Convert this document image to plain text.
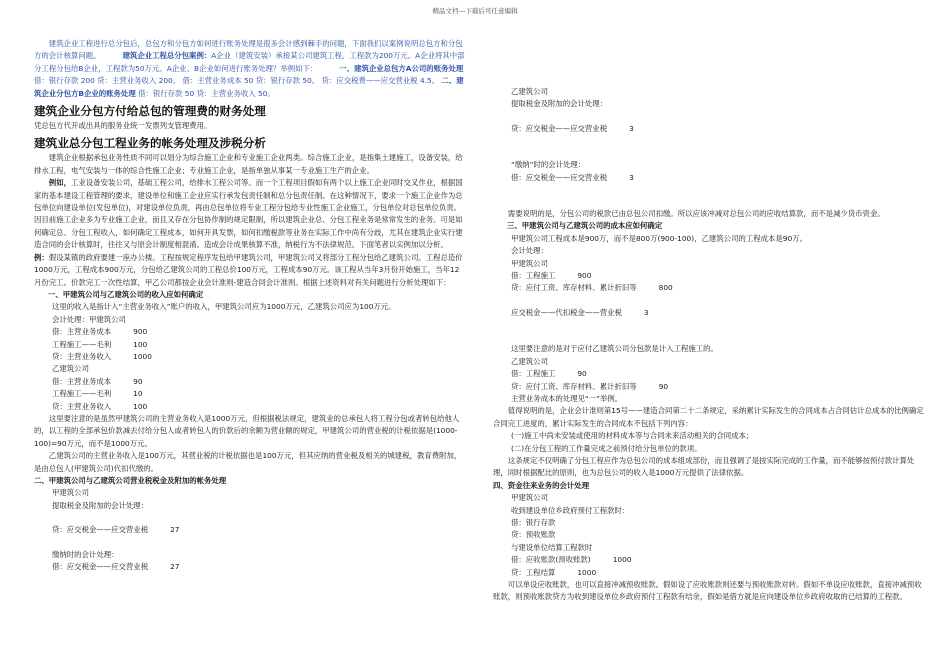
精品文档---下载后可任意编辑

建筑企业工程进行总分包后，总包方和分包方如何进行账务处理是很多会计感到棘手的问题，下面我们以案例说明总包方和分包方的会计核算问题。	建筑企业工程总分包案例：A企业（建筑安装）承接某公司建筑工程，工程款为200万元。A企业将其中部分工程分包给B企业，工程款为50万元。A企业、B企业如何进行账务处理？举例如下：	一、建筑企业总包方A公司的账务处理 借：银行存款 200 贷：主营业务收入 200。 借：主营业务成本 50 贷：银行存款 50。 贷：应交税费——应交营业税 4.5。 二、建筑企业分包方B企业的账务处理 借：银行存款 50 贷：主营业务收入 50。

建筑企业分包方付给总包的管理费的财务处理

凭总包方代开或出具的服务业统一发票列支管理费用。

建筑业总分包工程业务的帐务处理及涉税分析

建筑企业根据承包业务性质不同可以划分为综合施工企业和专业施工企业两类。综合施工企业，是指集土建施工，设备安装，给排水工程，电气安装与一体的综合性施工企业；专业施工企业，是指单独从事某一专业施工生产的企业。

例如，工业设备安装公司，基础工程公司，给排水工程公司等。而一个工程项目假如有两个以上施工企业同时交叉作业，根据国家的基本建设工程管理的要求，建设单位和施工企业应实行承发包责任制和总分包责任制。在这种情况下，要求一个施工企业作为总包单位向建设单位(发包单位)，对建设单位负责，再由总包单位将专业工程分包给专业性施工企业施工，分包单位对总包单位负责。因目前施工企业多为专业施工企业，而且又存在分包协作制的规定限制，所以建筑企业总、分包工程业务是常常发生的业务。可是如何确定总、分包工程收入，如何确定工程成本，如何开具发票，如何扣缴税款等业务在实际工作中尚有分歧，尤其在建筑企业实行建造合同的会计核算时，往往又与原会计制度相混淆。造成会计成果核算不准，纳税行为不法律规范。下面笔者以实例加以分析。

例：假设某镇的政府要建一座办公楼。工程按规定程序发包给甲建筑公司，甲建筑公司又将部分工程分包给乙建筑公司。工程总造价1000万元，工程成本900万元，分包给乙建筑公司的工程总价100万元，工程成本90万元。该工程从当年3月份开始施工，当年12月份完工。价款完工一次性结算，甲乙公司都按企业会计准则-建造合同会计准则。根据上述资料对有关问题进行分析处理如下：

一、甲建筑公司与乙建筑公司的收入应如何确定

这里的收入是指计入“主营业务收入”账户的收入，甲建筑公司应为1000万元，乙建筑公司应为100万元。

会计处理：甲建筑公司

借：主营业务成本	900

工程施工——毛利	100

贷：主营业务收入	1000

乙建筑公司

借：主营业务成本	90

工程施工——毛利	10

贷：主营业务收入	100

这里要注意的是虽然甲建筑公司的主营业务收入是1000万元，但根据税法规定，建筑业的总承包人将工程分包或者转包给他人的，以工程的全部承包价款减去付给分包人或者转包人的价款后的余额为营业额的规定，甲建筑公司的营业税的计税依据是(1000-100)=90万元，而不是1000万元。

乙建筑公司的主营业务收入是100万元，其营业税的计税依据也是100万元，但其应纳的营业税及相关的城建税，教育费附加，是由总包人(甲建筑公司)代扣代缴的。

二、甲建筑公司与乙建筑公司营业税税金及附加的帐务处理

甲建筑公司

提取税金及附加的会计处理：

贷：应交税金——应交营业税	27

缴纳时的会计处理：

借：应交税金——应交营业税	27

乙建筑公司

提取税金及附加的会计处理：

贷：应交税金——应交营业税	3

“缴纳”时的会计处理：

借：应交税金——应交营业税	3

需要说明的是，分包公司的税款已由总包公司扣缴。所以应该冲减对总包公司的应收结算款，而不是减少货币资金。

三、甲建筑公司与乙建筑公司的成本应如何确定

甲建筑公司工程成本是900万，而不是800万(900-100)，乙建筑公司的工程成本是90万。

会计处理：

甲建筑公司

借：工程施工	900

贷：应付工资、库存材料、累计折旧等	800

应交税金——代扣税金——营业税	3

这里要注意的是对于应付乙建筑公司分包款是计入工程施工的。

乙建筑公司

借：工程施工	90

贷：应付工资、库存材料、累计折旧等	90

主营业务成本的处理见“一”举例。

值得说明的是，企业会计准则第15号——建造合同第二十二条规定，采纳累计实际发生的合同成本占合同估计总成本的比例确定合同完工进度的，累计实际发生的合同成本不包括下列内容：

(一)施工中尚未安装或使用的材料成本等与合同未来活动相关的合同成本；

(二)在分包工程的工作量完成之前预付给分包单位的款项。

这条规定不仅明确了分包工程应作为总包公司的成本组成部份，而且强调了是按实际完成的工作量，而不能够按预付款计算处理，同时根据配比的原则，也为总包公司的收入是1000万元提供了法律依据。

四、资金往来业务的会计处理

甲建筑公司

收到建设单位乡政府预付工程款时：

借：银行存款

贷：预收账款

与建设单位结算工程款时

借：应收账款(预收账款)	1000

贷：工程结算	1000

可以单设应收账款，也可以直接冲减预收账款。假如设了应收账款则还要与预收账款对转。假如不单设应收账款，直接冲减预收账款，则预收账款贷方为收到建设单位乡政府预付工程款有结余，假如是借方就是应向建设单位乡政府收取的已结算的工程款。
